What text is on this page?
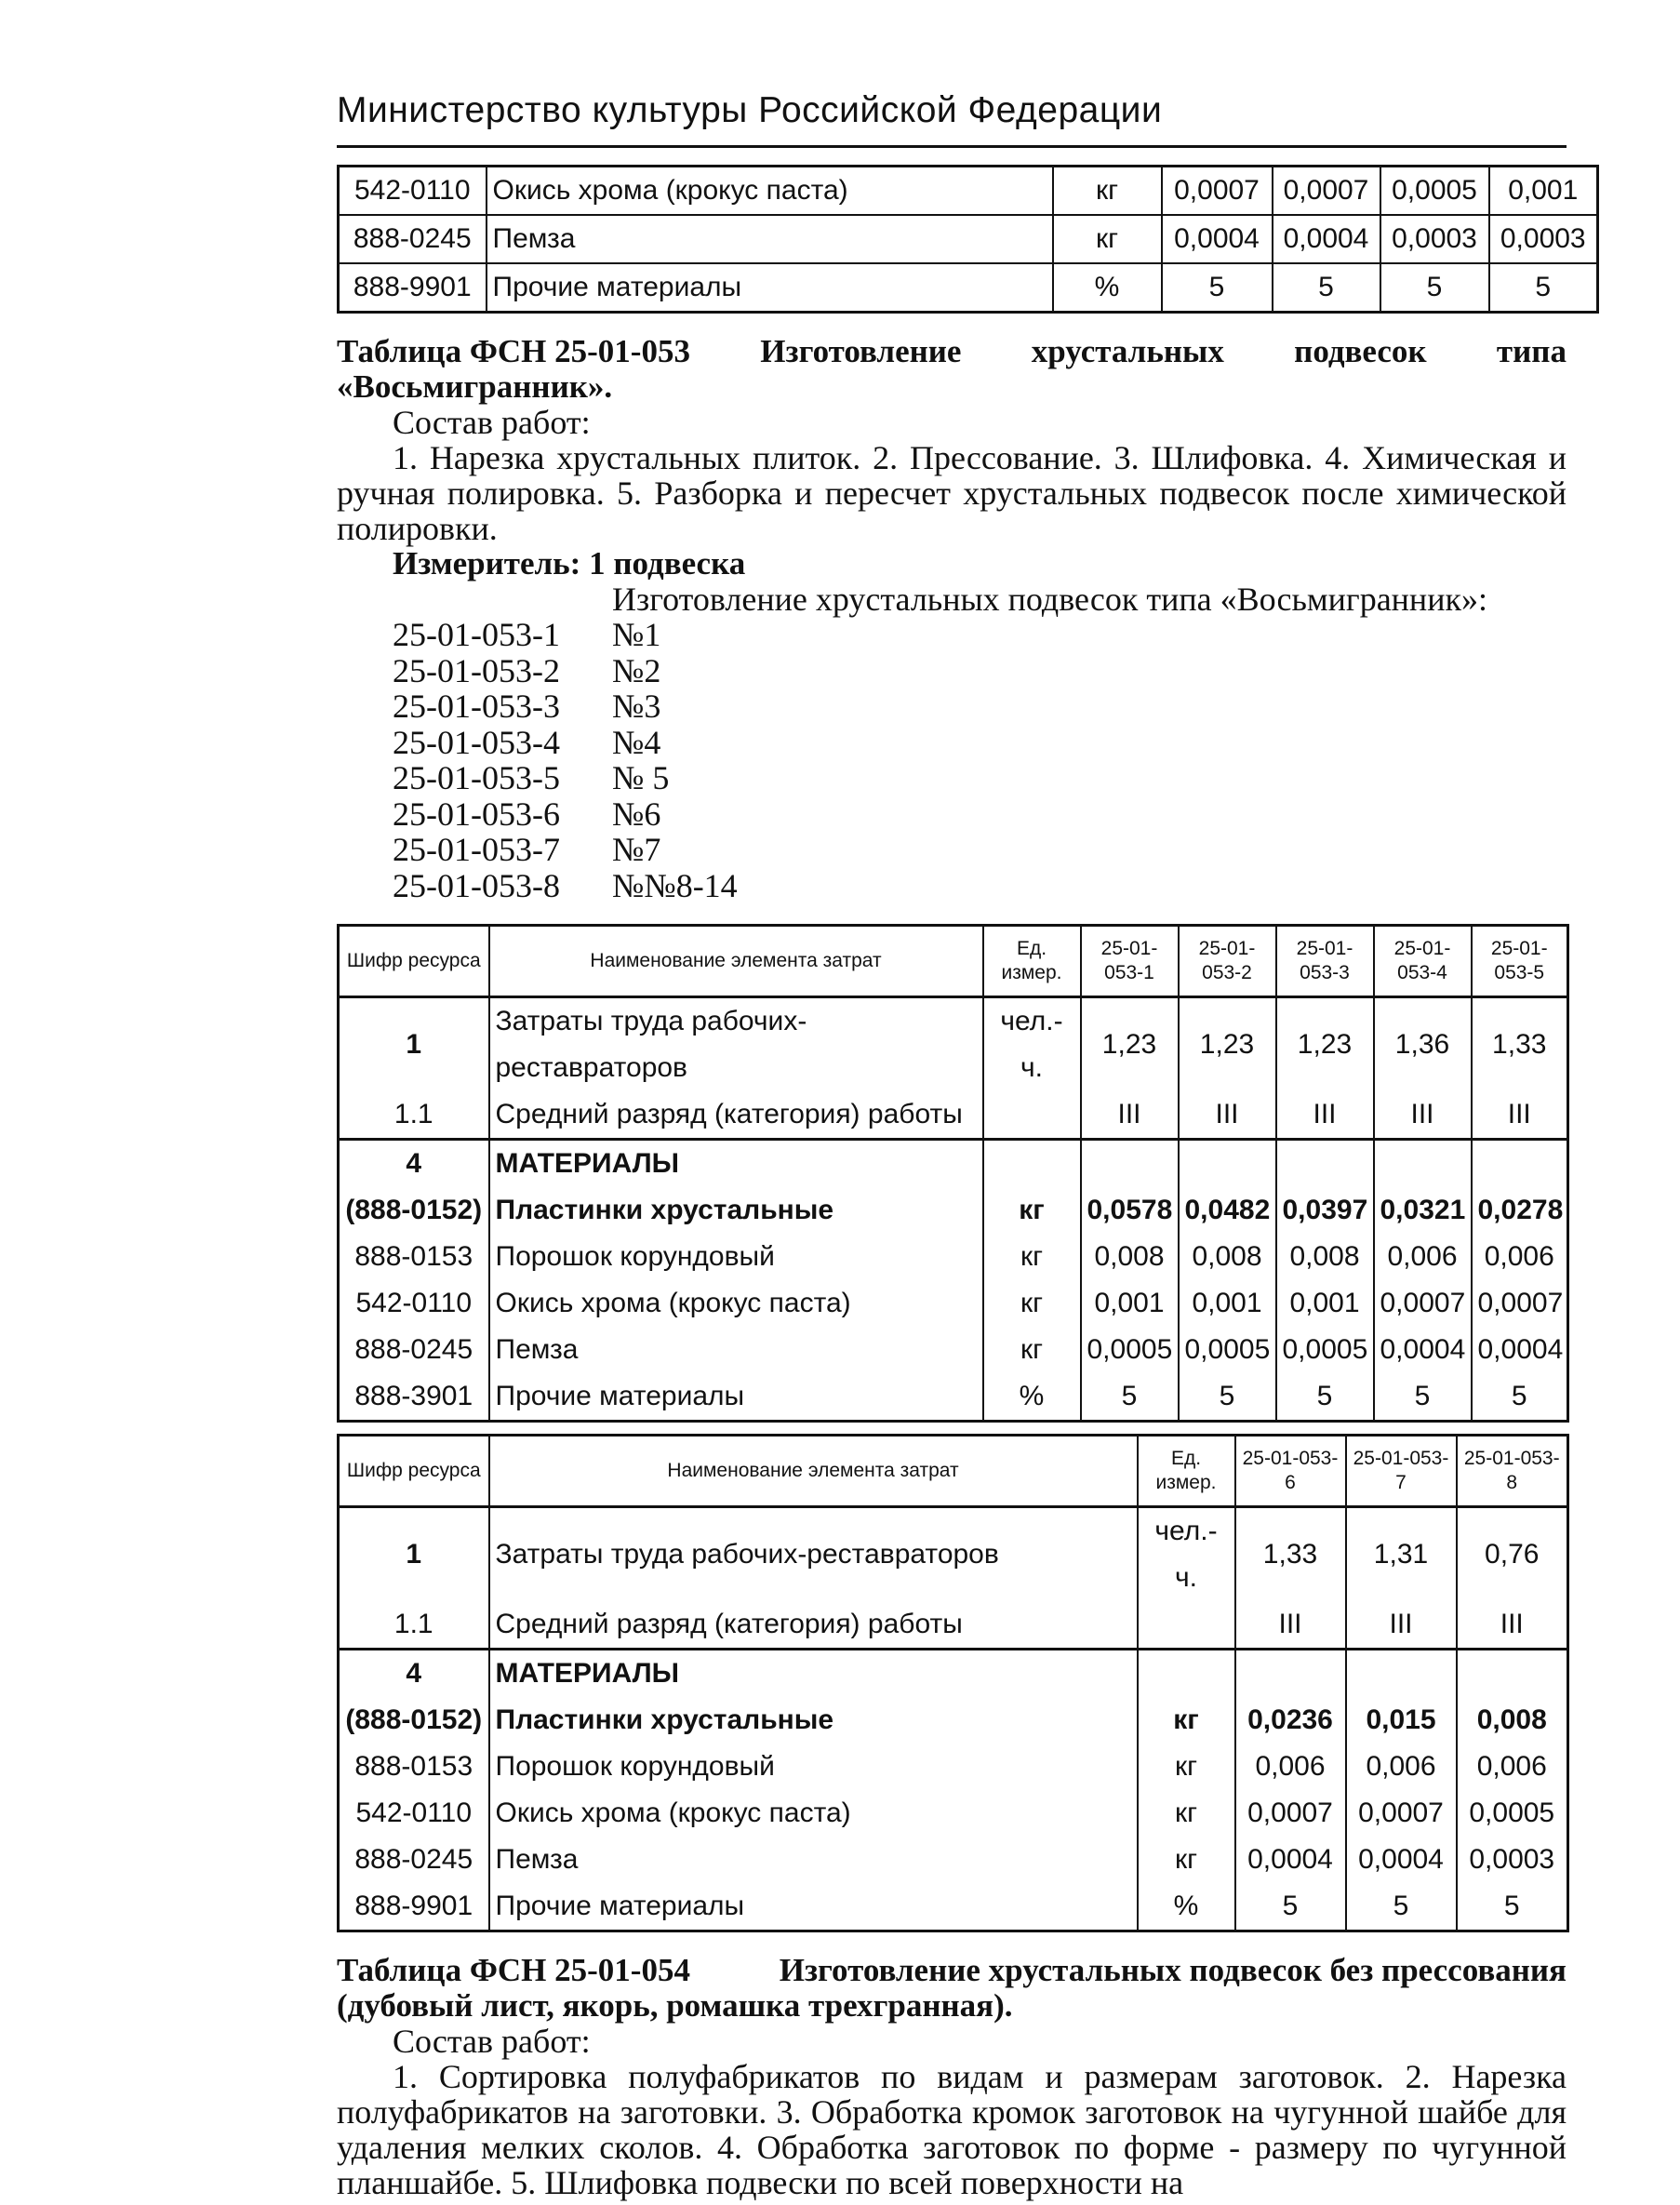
Министерство культуры Российской Федерации
542-0110	Окись хрома (крокус паста)	кг	0,0007	0,0007	0,0005	0,001
888-0245	Пемза	кг	0,0004	0,0004	0,0003	0,0003
888-9901	Прочие материалы	%	5	5	5	5
Таблица ФСН 25-01-053 Изготовление хрустальных подвесок типа
«Восьмигранник».
Состав работ:
1. Нарезка хрустальных плиток. 2. Прессование. 3. Шлифовка. 4. Химическая и ручная полировка. 5. Разборка и пересчет хрустальных подвесок после химической полировки.
Измеритель: 1 подвеска
Изготовление хрустальных подвесок типа «Восьмигранник»:
25-01-053-1	№1
25-01-053-2	№2
25-01-053-3	№3
25-01-053-4	№4
25-01-053-5	№ 5
25-01-053-6	№6
25-01-053-7	№7
25-01-053-8	№№8-14
Шифр ресурса	Наименование элемента затрат	Ед. измер.	25-01-053-1	25-01-053-2	25-01-053-3	25-01-053-4	25-01-053-5
1	Затраты труда рабочих-реставраторов	чел.-ч.	1,23	1,23	1,23	1,36	1,33
1.1	Средний разряд (категория) работы		III	III	III	III	III
4	МАТЕРИАЛЫ						
(888-0152)	Пластинки хрустальные	кг	0,0578	0,0482	0,0397	0,0321	0,0278
888-0153	Порошок корундовый	кг	0,008	0,008	0,008	0,006	0,006
542-0110	Окись хрома (крокус паста)	кг	0,001	0,001	0,001	0,0007	0,0007
888-0245	Пемза	кг	0,0005	0,0005	0,0005	0,0004	0,0004
888-3901	Прочие материалы	%	5	5	5	5	5
Шифр ресурса	Наименование элемента затрат	Ед. измер.	25-01-053-6	25-01-053-7	25-01-053-8
1	Затраты труда рабочих-реставраторов	чел.-ч.	1,33	1,31	0,76
1.1	Средний разряд (категория) работы		III	III	III
4	МАТЕРИАЛЫ				
(888-0152)	Пластинки хрустальные	кг	0,0236	0,015	0,008
888-0153	Порошок корундовый	кг	0,006	0,006	0,006
542-0110	Окись хрома (крокус паста)	кг	0,0007	0,0007	0,0005
888-0245	Пемза	кг	0,0004	0,0004	0,0003
888-9901	Прочие материалы	%	5	5	5
Таблица ФСН 25-01-054	Изготовление хрустальных подвесок без прессования
(дубовый лист, якорь, ромашка трехгранная).
Состав работ:
1. Сортировка полуфабрикатов по видам и размерам заготовок. 2. Нарезка полуфабрикатов на заготовки. 3. Обработка кромок заготовок на чугунной шайбе для удаления мелких сколов. 4. Обработка заготовок по форме - размеру по чугунной планшайбе. 5. Шлифовка подвески по всей поверхности на
